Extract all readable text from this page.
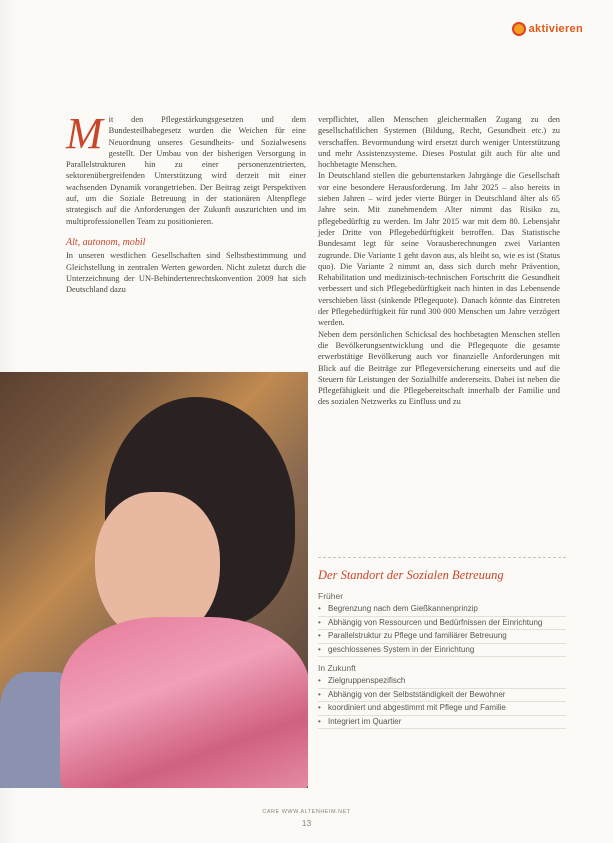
aktivieren
Mit den Pflegestärkungsgesetzen und dem Bundesteilhabegesetz wurden die Weichen für eine Neuordnung unseres Gesundheits- und Sozialwesens gestellt. Der Umbau von der bisherigen Versorgung in Parallelstrukturen hin zu einer personenzentrierten, sektorenübergreifenden Unterstützung wird derzeit mit einer wachsenden Dynamik vorangetrieben. Der Beitrag zeigt Perspektiven auf, um die Soziale Betreuung in der stationären Altenpflege strategisch auf die Anforderungen der Zukunft auszurichten und im multiprofessionellen Team zu positionieren.
Alt, autonom, mobil
In unseren westlichen Gesellschaften sind Selbstbestimmung und Gleichstellung in zentralen Werten geworden. Nicht zuletzt durch die Unterzeichnung der UN-Behindertenrechtskonvention 2009 hat sich Deutschland dazu
verpflichtet, allen Menschen gleichermaßen Zugang zu den gesellschaftlichen Systemen (Bildung, Recht, Gesundheit etc.) zu verschaffen. Bevormundung wird ersetzt durch weniger Unterstützung und mehr Assistenzsysteme. Dieses Postulat gilt auch für alte und hochbetagte Menschen.
In Deutschland stellen die geburtenstarken Jahrgänge die Gesellschaft vor eine besondere Herausforderung. Im Jahr 2025 – also bereits in sieben Jahren – wird jeder vierte Bürger in Deutschland älter als 65 Jahre sein. Mit zunehmendem Alter nimmt das Risiko zu, pflegebedürftig zu werden. Im Jahr 2015 war mit dem 80. Lebensjahr jeder Dritte von Pflegebedürftigkeit betroffen. Das Statistische Bundesamt legt für seine Vorausberechnungen zwei Varianten zugrunde. Die Variante 1 geht davon aus, als bleibt so, wie es ist (Status quo). Die Variante 2 nimmt an, dass sich durch mehr Prävention, Rehabilitation und medizinisch-technischen Fortschritt die Gesundheit verbessert und sich Pflegebedürftigkeit nach hinten in das Lebensende verschieben lässt (sinkende Pflegequote). Danach könnte das Eintreten der Pflegebedürftigkeit für rund 300 000 Menschen um Jahre verzögert werden.
Neben dem persönlichen Schicksal des hochbetagten Menschen stellen die Bevölkerungsentwicklung und die Pflegequote die gesamte erwerbstätige Bevölkerung auch vor finanzielle Anforderungen mit Blick auf die Beiträge zur Pflegeversicherung einerseits und auf die Steuern für Leistungen der Sozialhilfe andererseits. Dabei ist neben die Pflegefähigkeit und die Pflegebereitschaft innerhalb der Familie und des sozialen Netzwerks zu Einfluss und zu
Der Standort der Sozialen Betreuung
Früher
• Begrenzung nach dem Gießkannenprinzip
• Abhängig von Ressourcen und Bedürfnissen der Einrichtung
• Parallelstruktur zu Pflege und familiärer Betreuung
• geschlossenes System in der Einrichtung
In Zukunft
• Zielgruppenspezifisch
• Abhängig von der Selbstständigkeit der Bewohner
• koordiniert und abgestimmt mit Pflege und Familie
• Integriert im Quartier
CARE WWW.ALTENHEIM.NET
13
